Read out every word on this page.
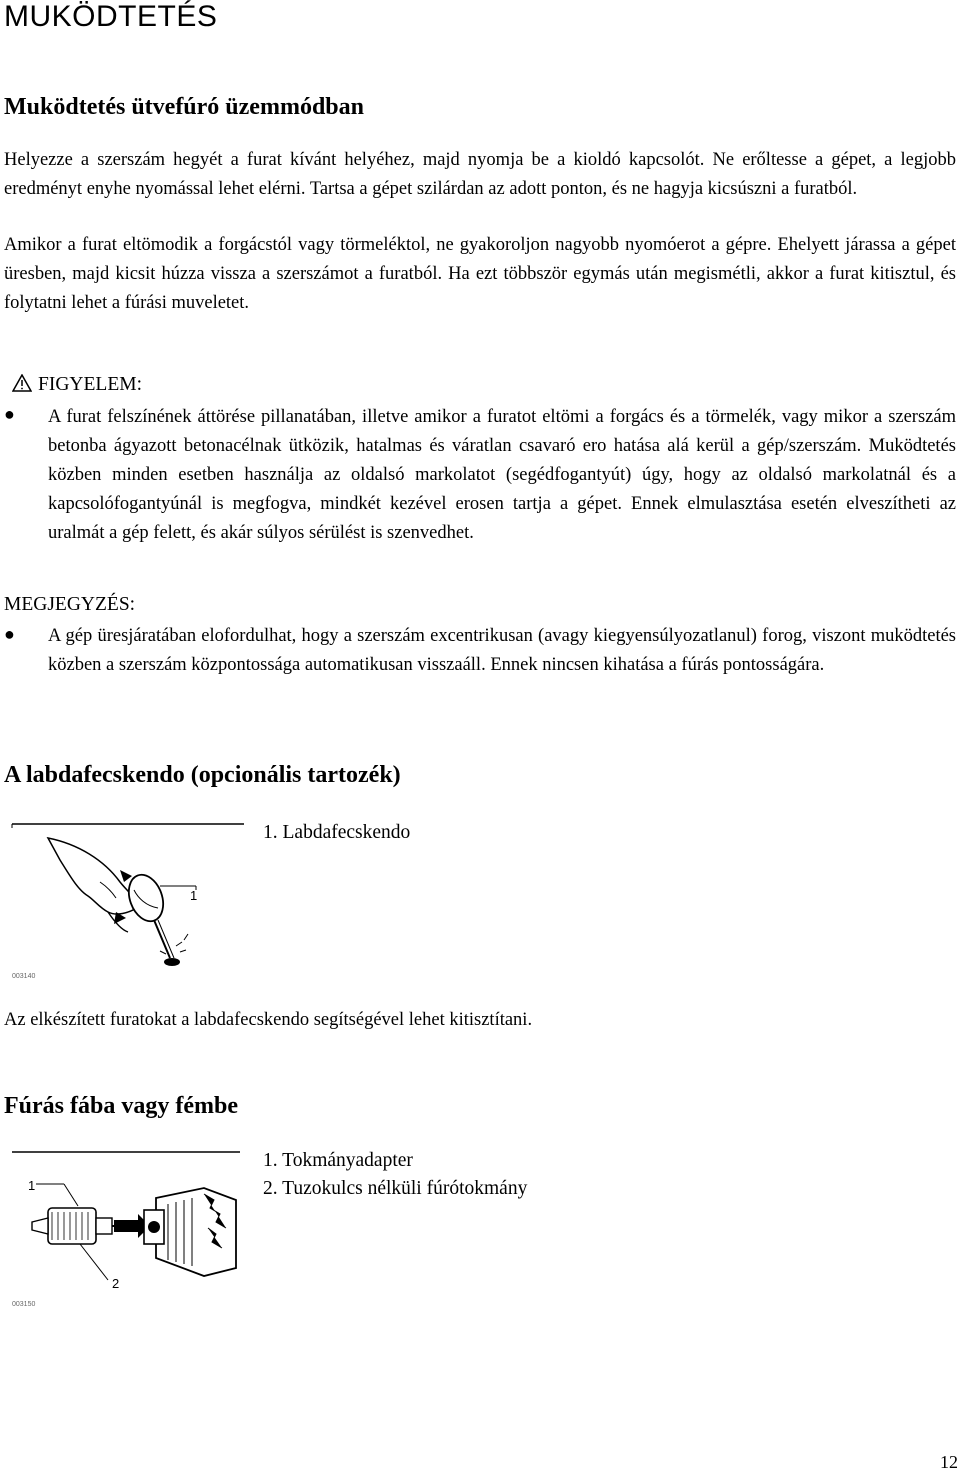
MUKÖDTETÉS
Muködtetés ütvefúró üzemmódban

Helyezze a szerszám hegyét a furat kívánt helyéhez, majd nyomja be a kioldó kapcsolót. Ne erőltesse a gépet, a legjobb eredményt enyhe nyomással lehet elérni. Tartsa a gépet szilárdan az adott ponton, és ne hagyja kicsúszni a furatból.

Amikor a furat eltömodik a forgácstól vagy törmeléktol, ne gyakoroljon nagyobb nyomóerot a gépre. Ehelyett járassa a gépet üresben, majd kicsit húzza vissza a szerszámot a furatból. Ha ezt többször egymás után megismétli, akkor a furat kitisztul, és folytatni lehet a fúrási muveletet.

FIGYELEM:
● A furat felszínének áttörése pillanatában, illetve amikor a furatot eltömi a forgács és a törmelék, vagy mikor a szerszám betonba ágyazott betonacélnak ütközik, hatalmas és váratlan csavaró ero hatása alá kerül a gép/szerszám. Muködtetés közben minden esetben használja az oldalsó markolatot (segédfogantyút) úgy, hogy az oldalsó markolatnál és a kapcsolófogantyúnál is megfogva, mindkét kezével erosen tartja a gépet. Ennek elmulasztása esetén elveszítheti az uralmát a gép felett, és akár súlyos sérülést is szenvedhet.

MEGJEGYZÉS:
● A gép üresjáratában elofordulhat, hogy a szerszám excentrikusan (avagy kiegyensúlyozatlanul) forog, viszont muködtetés közben a szerszám központossága automatikusan visszaáll. Ennek nincsen kihatása a fúrás pontosságára.

A labdafecskendo (opcionális tartozék)
1
003140
1. Labdafecskendo

Az elkészített furatokat a labdafecskendo segítségével lehet kitisztítani.

Fúrás fába vagy fémbe
1
2
003150
1. Tokmányadapter
2. Tuzokulcs nélküli fúrótokmány
12
